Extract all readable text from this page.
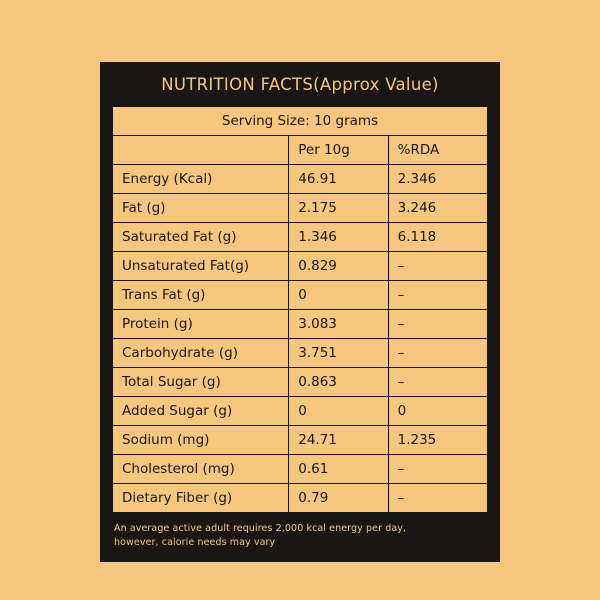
NUTRITION FACTS (Approx Value)
Serving Size: 10 grams		
	Per 10g	%RDA
Energy (Kcal)	46.91	2.346
Fat (g)	2.175	3.246
Saturated Fat (g)	1.346	6.118
Unsaturated Fat(g)	0.829	–
Trans Fat (g)	0	–
Protein (g)	3.083	–
Carbohydrate (g)	3.751	–
Total Sugar (g)	0.863	–
Added Sugar (g)	0	0
Sodium (mg)	24.71	1.235
Cholesterol (mg)	0.61	–
Dietary Fiber (g)	0.79	–
An average active adult requires 2,000 kcal energy per day,
however, calorie needs may vary
